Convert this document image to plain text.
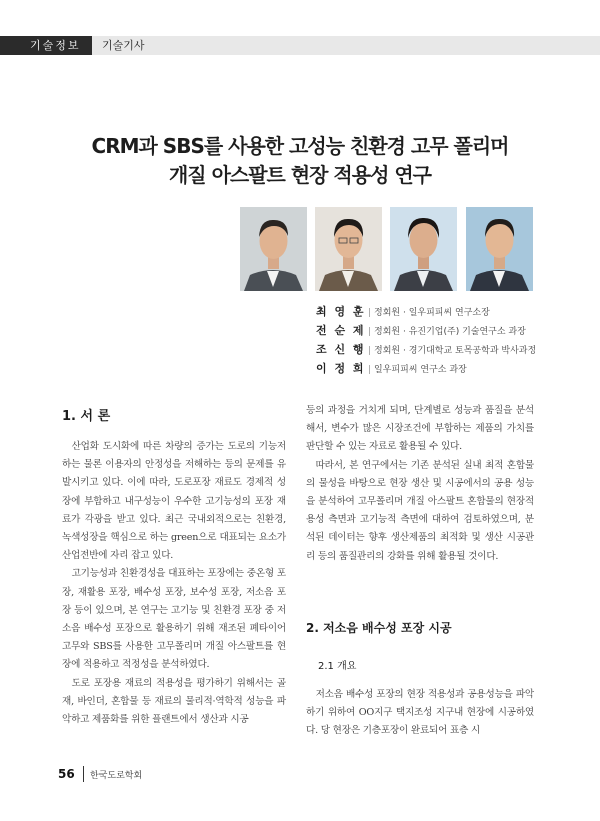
기술정보	기술기사
CRM과 SBS를 사용한 고성능 친환경 고무 폴리머
개질 아스팔트 현장 적용성 연구
최 영 훈 | 정회원 · 일우피피씨 연구소장
전 순 제 | 정회원 · 유진기업(주) 기술연구소 과장
조 신 행 | 정회원 · 경기대학교 토목공학과 박사과정
이 정 희 | 일우피피씨 연구소 과장
1. 서 론

산업화 도시화에 따른 차량의 증가는 도로의 기능저하는 물론 이용자의 안정성을 저해하는 등의 문제를 유발시키고 있다. 이에 따라, 도로포장 재료도 경제적 성장에 부합하고 내구성능이 우수한 고기능성의 포장 재료가 각광을 받고 있다. 최근 국내외적으로는 친환경, 녹색성장을 핵심으로 하는 green으로 대표되는 요소가 산업전반에 자리 잡고 있다.

고기능성과 친환경성을 대표하는 포장에는 중온형 포장, 재활용 포장, 배수성 포장, 보수성 포장, 저소음 포장 등이 있으며, 본 연구는 고기능 및 친환경 포장 중 저소음 배수성 포장으로 활용하기 위해 재조된 폐타이어 고무와 SBS를 사용한 고무폴리머 개질 아스팔트를 현장에 적용하고 적정성을 분석하였다.

도로 포장용 재료의 적용성을 평가하기 위해서는 골재, 바인더, 혼합물 등 재료의 물리적·역학적 성능을 파악하고 제품화를 위한 플랜트에서 생산과 시공

등의 과정을 거치게 되며, 단계별로 성능과 품질을 분석해서, 변수가 많은 시장조건에 부합하는 제품의 가치를 판단할 수 있는 자료로 활용될 수 있다.

따라서, 본 연구에서는 기존 분석된 실내 최적 혼합물의 물성을 바탕으로 현장 생산 및 시공에서의 공용 성능을 분석하여 고무폴리머 개질 아스팔트 혼합물의 현장적용성 측면과 고기능적 측면에 대하여 검토하였으며, 분석된 데이터는 향후 생산제품의 최적화 및 생산 시공관리 등의 품질관리의 강화를 위해 활용될 것이다.

2. 저소음 배수성 포장 시공
2.1 개요

저소음 배수성 포장의 현장 적용성과 공용성능을 파악하기 위하여 OO지구 택지조성 지구내 현장에 시공하였다. 당 현장은 기층포장이 완료되어 표층 시

56 한국도로학회
